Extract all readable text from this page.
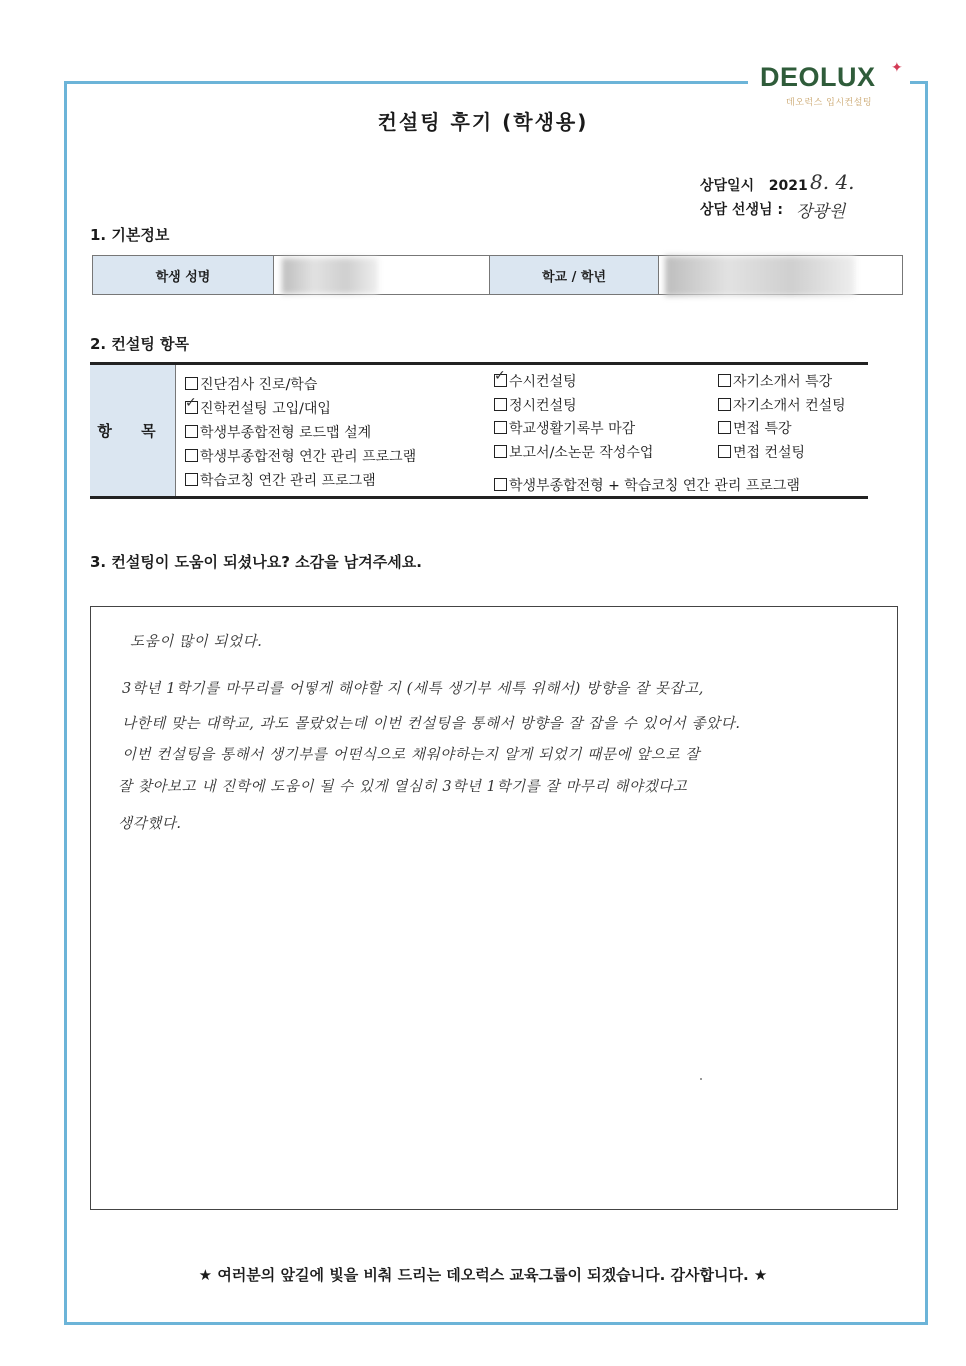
DEOLUX ✦
데오럭스 입시컨설팅
컨설팅 후기 (학생용)
상담일시 2021 8. 4.
상담 선생님 : 장광원
1. 기본정보
학생 성명	학교 / 학년
2. 컨설팅 항목
항 목
진단검사 진로/학습
✓진학컨설팅 고입/대입
학생부종합전형 로드맵 설계
학생부종합전형 연간 관리 프로그램
학습코칭 연간 관리 프로그램
✓수시컨설팅
정시컨설팅
학교생활기록부 마감
보고서/소논문 작성수업
학생부종합전형 + 학습코칭 연간 관리 프로그램
자기소개서 특강
자기소개서 컨설팅
면접 특강
면접 컨설팅
3. 컨설팅이 도움이 되셨나요? 소감을 남겨주세요.
도움이 많이 되었다.
3학년 1학기를 마무리를 어떻게 해야할 지 (세특 생기부 세특 위해서) 방향을 잘 못잡고,
나한테 맞는 대학교, 과도 몰랐었는데 이번 컨설팅을 통해서 방향을 잘 잡을 수 있어서 좋았다.
이번 컨설팅을 통해서 생기부를 어떤식으로 채워야하는지 알게 되었기 때문에 앞으로 잘
잘 찾아보고 내 진학에 도움이 될 수 있게 열심히 3학년 1학기를 잘 마무리 해야겠다고
생각했다.
★ 여러분의 앞길에 빛을 비춰 드리는 데오럭스 교육그룹이 되겠습니다. 감사합니다. ★
